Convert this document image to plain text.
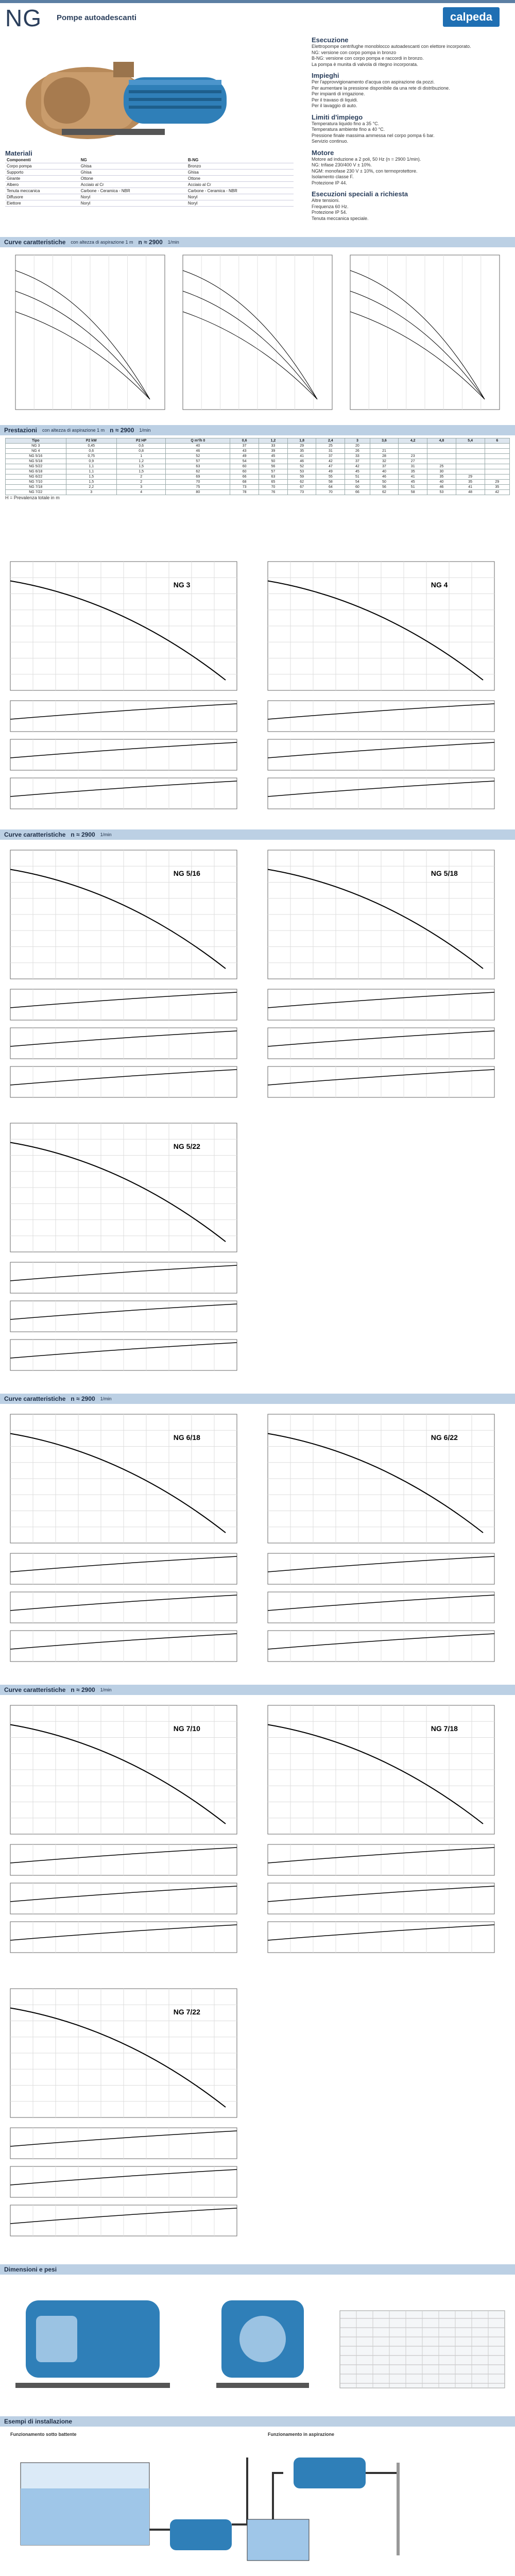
NG Pompe autoadescanti	calpeda
Esecuzione
Elettropompe centrifughe monoblocco autoadescanti con elettore incorporato.
NG: versione con corpo pompa in bronzo
B-NG: versione con corpo pompa e raccordi in bronzo.
La pompa è munita di valvola di ritegno incorporata.
Impieghi
Per l'approvvigionamento d'acqua con aspirazione da pozzi.
Per aumentare la pressione disponibile da una rete di distribuzione.
Per impianti di irrigazione.
Per il travaso di liquidi.
Per il lavaggio di auto.
Limiti d'impiego
Temperatura liquido fino a 35 °C.
Temperatura ambiente fino a 40 °C.
Pressione finale massima ammessa nel corpo pompa 6 bar.
Servizio continuo.
Motore
Motore ad induzione a 2 poli, 50 Hz (n = 2900 1/min).
NG: trifase 230/400 V ± 10%.
NGM: monofase 230 V ± 10%, con termoprotettore.
Isolamento classe F.
Protezione IP 44.
Esecuzioni speciali a richiesta
Altre tensioni.
Frequenza 60 Hz.
Protezione IP 54.
Tenuta meccanica speciale.
Materiali
Componenti	NG	B-NG
Corpo pompa	Ghisa	Bronzo
Supporto	Ghisa	Ghisa
Girante	Ottone	Ottone
Albero	Acciaio al Cr	Acciaio al Cr
Tenuta meccanica	Carbone - Ceramica - NBR	Carbone - Ceramica - NBR
Diffusore	Noryl	Noryl
Eiettore	Noryl	Noryl
Curve caratteristiche con altezza di aspirazione 1 m n ≈ 2900 1/min
Prestazioni con altezza di aspirazione 1 m n ≈ 2900 1/min
Tipo	P2 kW	P2 HP	Q m³/h 0	0,6	1,2	1,8	2,4	3	3,6	4,2	4,8	5,4	6
NG 3	0,45	0,6	40	37	33	29	25	20					
NG 4	0,6	0,8	46	43	39	35	31	26	21				
NG 5/16	0,75	1	52	49	45	41	37	33	28	23			
NG 5/18	0,9	1,2	57	54	50	46	42	37	32	27			
NG 5/22	1,1	1,5	63	60	56	52	47	42	37	31	25		
NG 6/18	1,1	1,5	62	60	57	53	49	45	40	35	30		
NG 6/22	1,5	2	69	66	63	59	55	51	46	41	35	29	
NG 7/10	1,5	2	70	68	65	62	58	54	50	45	40	35	29
NG 7/18	2,2	3	75	73	70	67	64	60	56	51	46	41	35
NG 7/22	3	4	80	78	76	73	70	66	62	58	53	48	42
H = Prevalenza totale in m
NG 3	NG 4
Curve caratteristiche n ≈ 2900 1/min
NG 5/16	NG 5/18
NG 5/22
Curve caratteristiche n ≈ 2900 1/min
NG 6/18	NG 6/22
Curve caratteristiche n ≈ 2900 1/min
NG 7/10	NG 7/18
NG 7/22
Dimensioni e pesi
Esempi di installazione
Funzionamento sotto battente	Funzionamento in aspirazione
